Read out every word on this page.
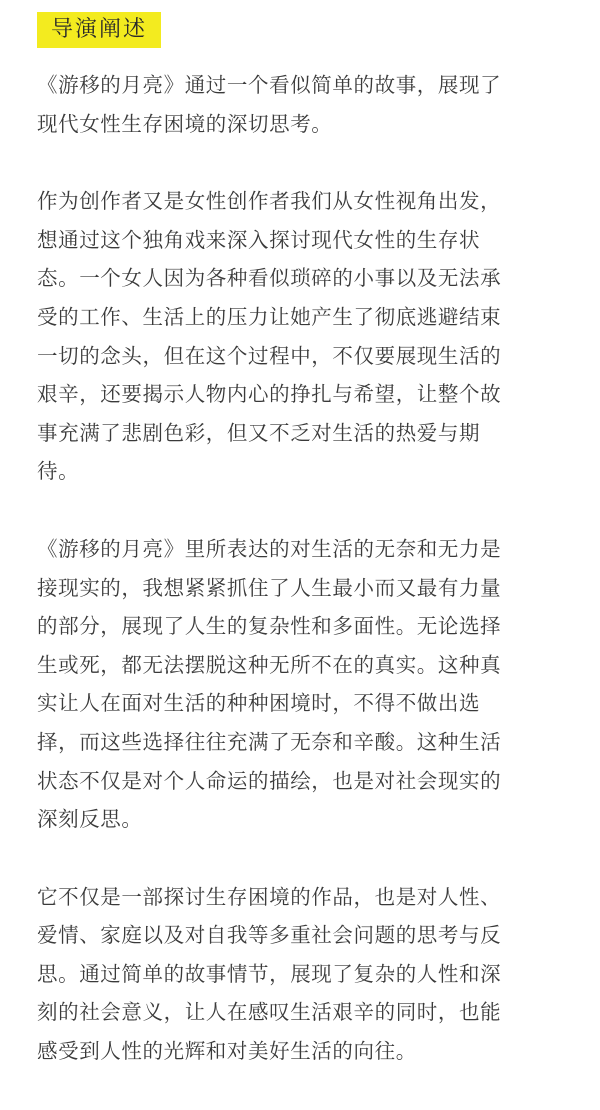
导演阐述

《游移的月亮》通过一个看似简单的故事，展现了
现代女性生存困境的深切思考。

作为创作者又是女性创作者我们从女性视角出发，
想通过这个独角戏来深入探讨现代女性的生存状
态。一个女人因为各种看似琐碎的小事以及无法承
受的工作、生活上的压力让她产生了彻底逃避结束
一切的念头，但在这个过程中，不仅要展现生活的
艰辛，还要揭示人物内心的挣扎与希望，让整个故
事充满了悲剧色彩，但又不乏对生活的热爱与期
待。

《游移的月亮》里所表达的对生活的无奈和无力是
接现实的，我想紧紧抓住了人生最小而又最有力量
的部分，展现了人生的复杂性和多面性。无论选择
生或死，都无法摆脱这种无所不在的真实。这种真
实让人在面对生活的种种困境时，不得不做出选
择，而这些选择往往充满了无奈和辛酸。这种生活
状态不仅是对个人命运的描绘，也是对社会现实的
深刻反思。

它不仅是一部探讨生存困境的作品，也是对人性、
爱情、家庭以及对自我等多重社会问题的思考与反
思。通过简单的故事情节，展现了复杂的人性和深
刻的社会意义，让人在感叹生活艰辛的同时，也能
感受到人性的光辉和对美好生活的向往。
